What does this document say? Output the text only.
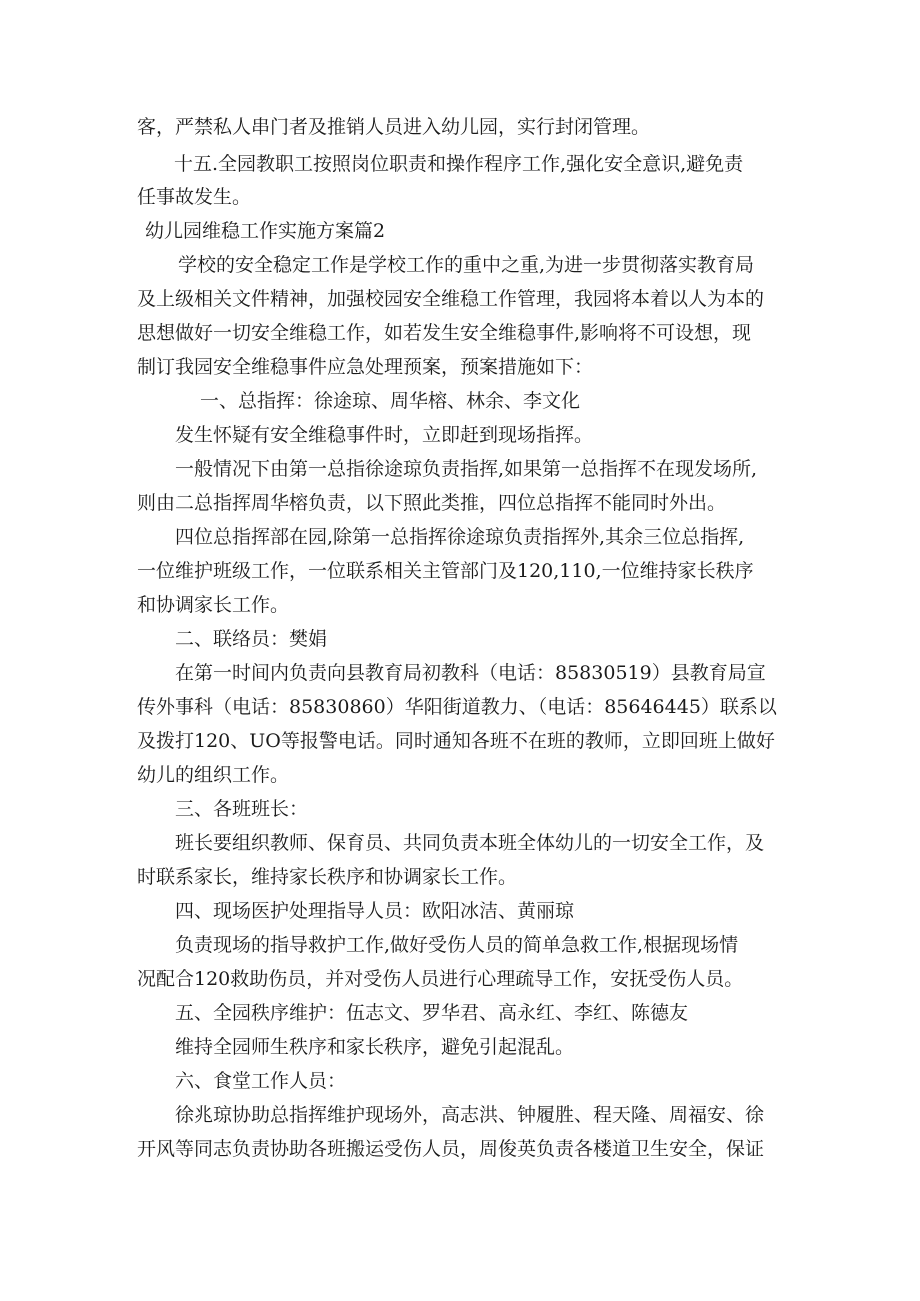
客，严禁私人串门者及推销人员进入幼儿园，实行封闭管理。
十五.全园教职工按照岗位职责和操作程序工作,强化安全意识,避免责
任事故发生。
幼儿园维稳工作实施方案篇2
学校的安全稳定工作是学校工作的重中之重,为进一步贯彻落实教育局
及上级相关文件精神，加强校园安全维稳工作管理，我园将本着以人为本的
思想做好一切安全维稳工作，如若发生安全维稳事件,影响将不可设想，现
制订我园安全维稳事件应急处理预案，预案措施如下：
一、总指挥：徐途琼、周华榕、林余、李文化
发生怀疑有安全维稳事件时，立即赶到现场指挥。
一般情况下由第一总指徐途琼负责指挥,如果第一总指挥不在现发场所,
则由二总指挥周华榕负责，以下照此类推，四位总指挥不能同时外出。
四位总指挥部在园,除第一总指挥徐途琼负责指挥外,其余三位总指挥,
一位维护班级工作，一位联系相关主管部门及120,110,一位维持家长秩序
和协调家长工作。
二、联络员：樊娟
在第一时间内负责向县教育局初教科（电话：85830519）县教育局宣
传外事科（电话：85830860）华阳街道教力、（电话：85646445）联系以
及拨打120、UO等报警电话。同时通知各班不在班的教师，立即回班上做好
幼儿的组织工作。
三、各班班长：
班长要组织教师、保育员、共同负责本班全体幼儿的一切安全工作，及
时联系家长，维持家长秩序和协调家长工作。
四、现场医护处理指导人员：欧阳冰洁、黄丽琼
负责现场的指导救护工作,做好受伤人员的简单急救工作,根据现场情
况配合120救助伤员，并对受伤人员进行心理疏导工作，安抚受伤人员。
五、全园秩序维护：伍志文、罗华君、高永红、李红、陈德友
维持全园师生秩序和家长秩序，避免引起混乱。
六、食堂工作人员：
徐兆琼协助总指挥维护现场外，高志洪、钟履胜、程天隆、周福安、徐
开风等同志负责协助各班搬运受伤人员，周俊英负责各楼道卫生安全，保证
